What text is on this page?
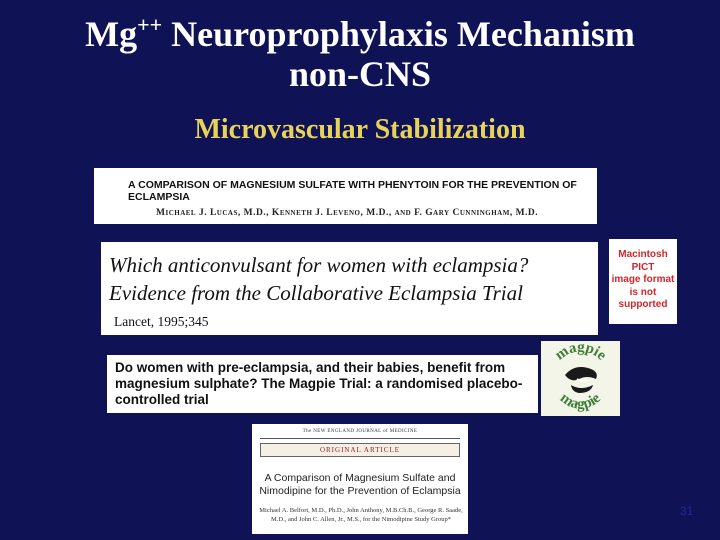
Mg++ Neuroprophylaxis Mechanism
non-CNS
Microvascular Stabilization
A COMPARISON OF MAGNESIUM SULFATE WITH PHENYTOIN FOR THE PREVENTION OF ECLAMPSIA
Michael J. Lucas, M.D., Kenneth J. Leveno, M.D., and F. Gary Cunningham, M.D.
Which anticonvulsant for women with eclampsia?
Evidence from the Collaborative Eclampsia Trial
Lancet, 1995;345
Macintosh PICT
image format
is not supported
Do women with pre-eclampsia, and their babies, benefit from magnesium sulphate? The Magpie Trial: a randomised placebo-controlled trial
magpie
magpie
The NEW ENGLAND JOURNAL of MEDICINE
ORIGINAL ARTICLE
A Comparison of Magnesium Sulfate and Nimodipine for the Prevention of Eclampsia
Michael A. Belfort, M.D., Ph.D., John Anthony, M.B.Ch.B., George R. Saade, M.D., and John C. Allen, Jr., M.S., for the Nimodipine Study Group*
31
